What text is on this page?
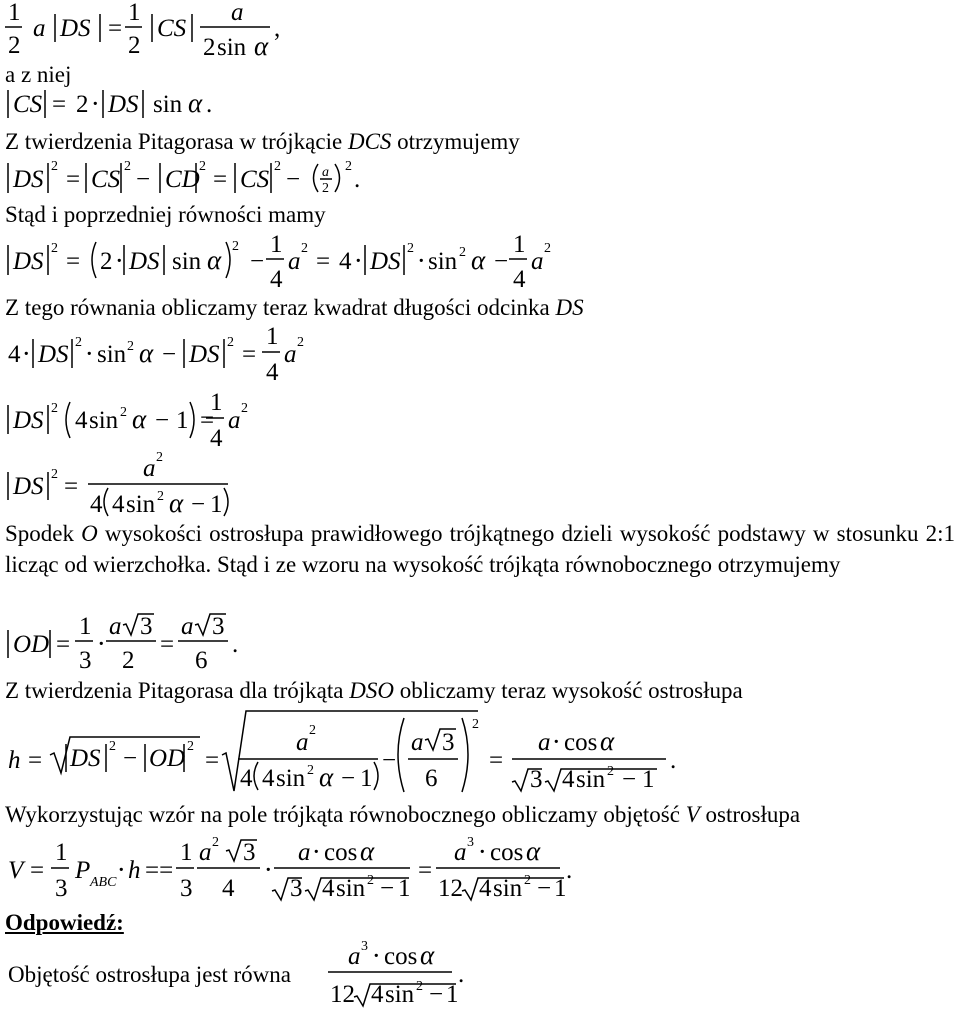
a z niej
Z twierdzenia Pitagorasa w trójkącie DCS otrzymujemy
Stąd i poprzedniej równości mamy
Z tego równania obliczamy teraz kwadrat długości odcinka DS
Spodek O wysokości ostrosłupa prawidłowego trójkątnego dzieli wysokość podstawy w stosunku 2:1 licząc od wierzchołka. Stąd i ze wzoru na wysokość trójkąta równobocznego otrzymujemy
Z twierdzenia Pitagorasa dla trójkąta DSO obliczamy teraz wysokość ostrosłupa
Wykorzystując wzór na pole trójkąta równobocznego obliczamy objętość V ostrosłupa
Odpowiedź:
Objętość ostrosłupa jest równa
1
2
a DS =
1
2
CS
a
2 sin α
,
CS = 2 ⋅ DS sin α .
DS 2 = CS 2 − CD 2 = CS 2 − a
2
2 .
DS 2 = 2 ⋅ DS sin α 2
−
1
4
a 2 = 4 ⋅ DS 2 ⋅ sin 2 α −
1
4
a 2
4 ⋅ DS 2 ⋅ sin 2 α − DS 2 =
1
4
a 2
DS 2 4 sin 2 α − 1 =
1
4
a 2
DS 2 =
a 2
4 4 sin 2 α − 1
OD =
1
3
⋅
a 3
2
=
a 3
6
.
h = DS 2 − OD 2
=
a 2
4 4 sin 2 α − 1
−
a 3
6
2
=
a ⋅ cos α
3 4 sin 2 − 1
.
V =
1
3
P ABC ⋅ h ==
1
3
a 2 3
4
⋅
a ⋅ cos α
3 4 sin 2 − 1
=
a 3 ⋅ cos α
12 4 sin 2 − 1
.
a 3 ⋅ cos α
12 4 sin 2 − 1
.
